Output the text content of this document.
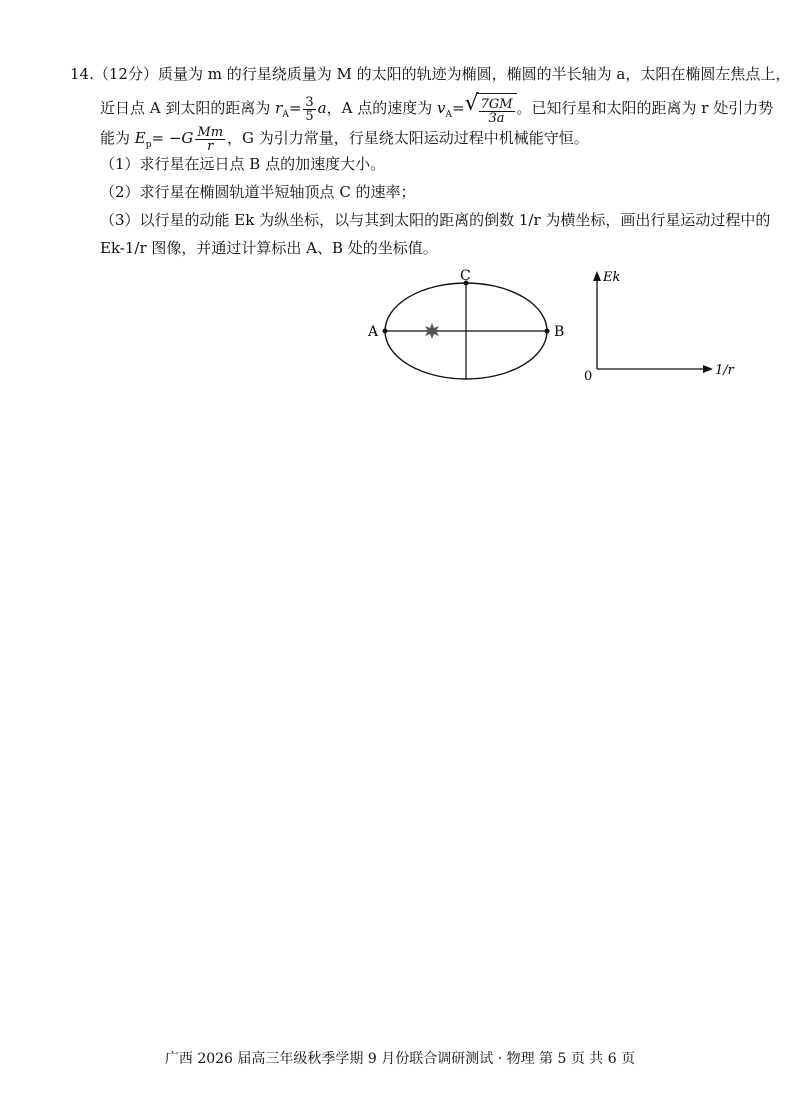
14.（12分）质量为 m 的行星绕质量为 M 的太阳的轨迹为椭圆，椭圆的半长轴为 a，太阳在椭圆左焦点上，
近日点 A 到太阳的距离为 $r_A= \frac{3}{5}$ a，A 点的速度为 $v_A=$ √ $\frac{7GM}{3a}$ 。已知行星和太阳的距离为 r 处引力势
能为 $E_p= -G \frac{Mm}{r}$ ，G 为引力常量，行星绕太阳运动过程中机械能守恒。
（1）求行星在远日点 B 点的加速度大小。
（2）求行星在椭圆轨道半短轴顶点 C 的速率；
（3）以行星的动能 Ek 为纵坐标，以与其到太阳的距离的倒数 1/r 为横坐标，画出行星运动过程中的
Ek-1/r 图像，并通过计算标出 A、B 处的坐标值。
A	B
C	Ek
1/r
0
广西 2026 届高三年级秋季学期 9 月份联合调研测试 · 物理 第 5 页 共 6 页
